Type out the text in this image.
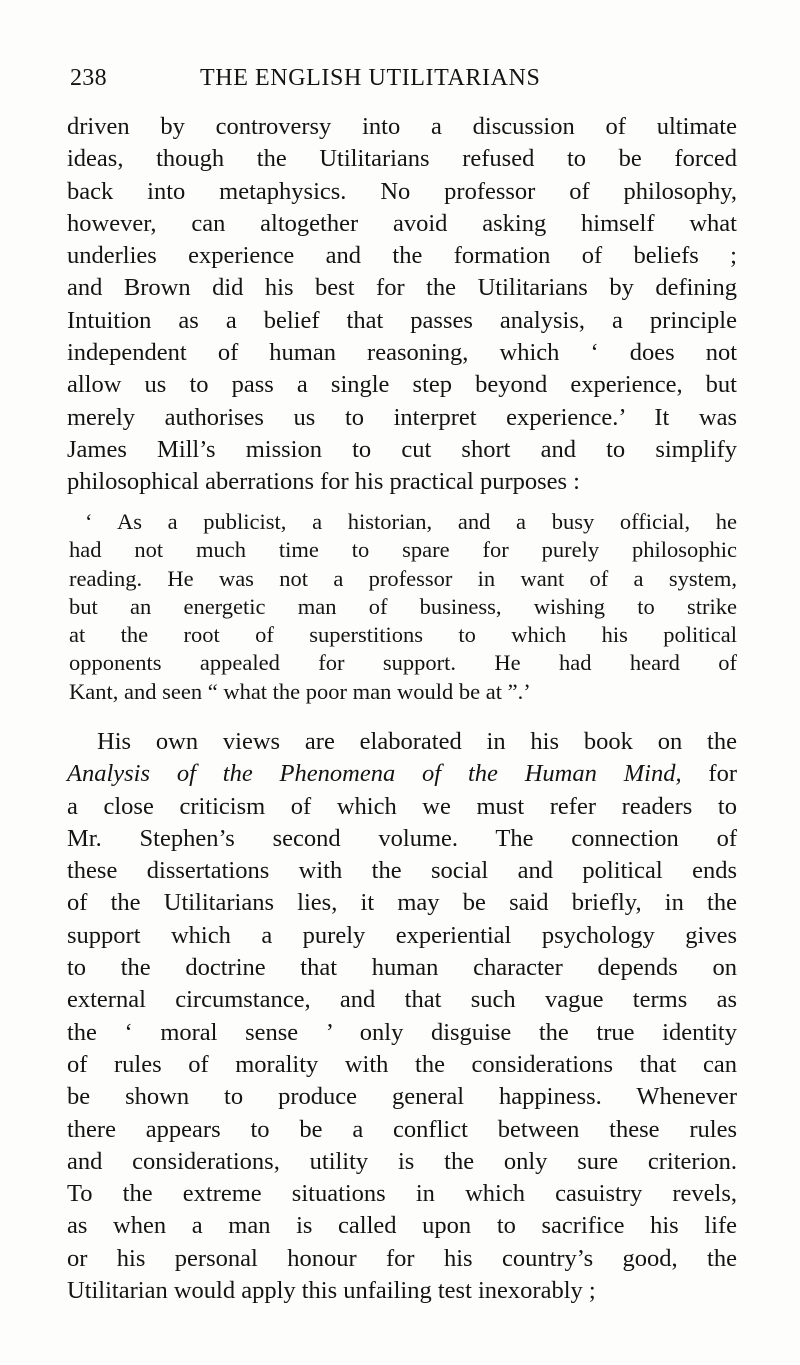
238	THE ENGLISH UTILITARIANS
driven by controversy into a discussion of ultimate
ideas, though the Utilitarians refused to be forced
back into metaphysics. No professor of philosophy,
however, can altogether avoid asking himself what
underlies experience and the formation of beliefs ;
and Brown did his best for the Utilitarians by defining
Intuition as a belief that passes analysis, a principle
independent of human reasoning, which ‘ does not
allow us to pass a single step beyond experience, but
merely authorises us to interpret experience.’ It was
James Mill’s mission to cut short and to simplify
philosophical aberrations for his practical purposes :
‘ As a publicist, a historian, and a busy official, he
had not much time to spare for purely philosophic
reading. He was not a professor in want of a system,
but an energetic man of business, wishing to strike
at the root of superstitions to which his political
opponents appealed for support. He had heard of
Kant, and seen “ what the poor man would be at ”.’
His own views are elaborated in his book on the
Analysis of the Phenomena of the Human Mind, for
a close criticism of which we must refer readers to
Mr. Stephen’s second volume. The connection of
these dissertations with the social and political ends
of the Utilitarians lies, it may be said briefly, in the
support which a purely experiential psychology gives
to the doctrine that human character depends on
external circumstance, and that such vague terms as
the ‘ moral sense ’ only disguise the true identity
of rules of morality with the considerations that can
be shown to produce general happiness. Whenever
there appears to be a conflict between these rules
and considerations, utility is the only sure criterion.
To the extreme situations in which casuistry revels,
as when a man is called upon to sacrifice his life
or his personal honour for his country’s good, the
Utilitarian would apply this unfailing test inexorably ;
